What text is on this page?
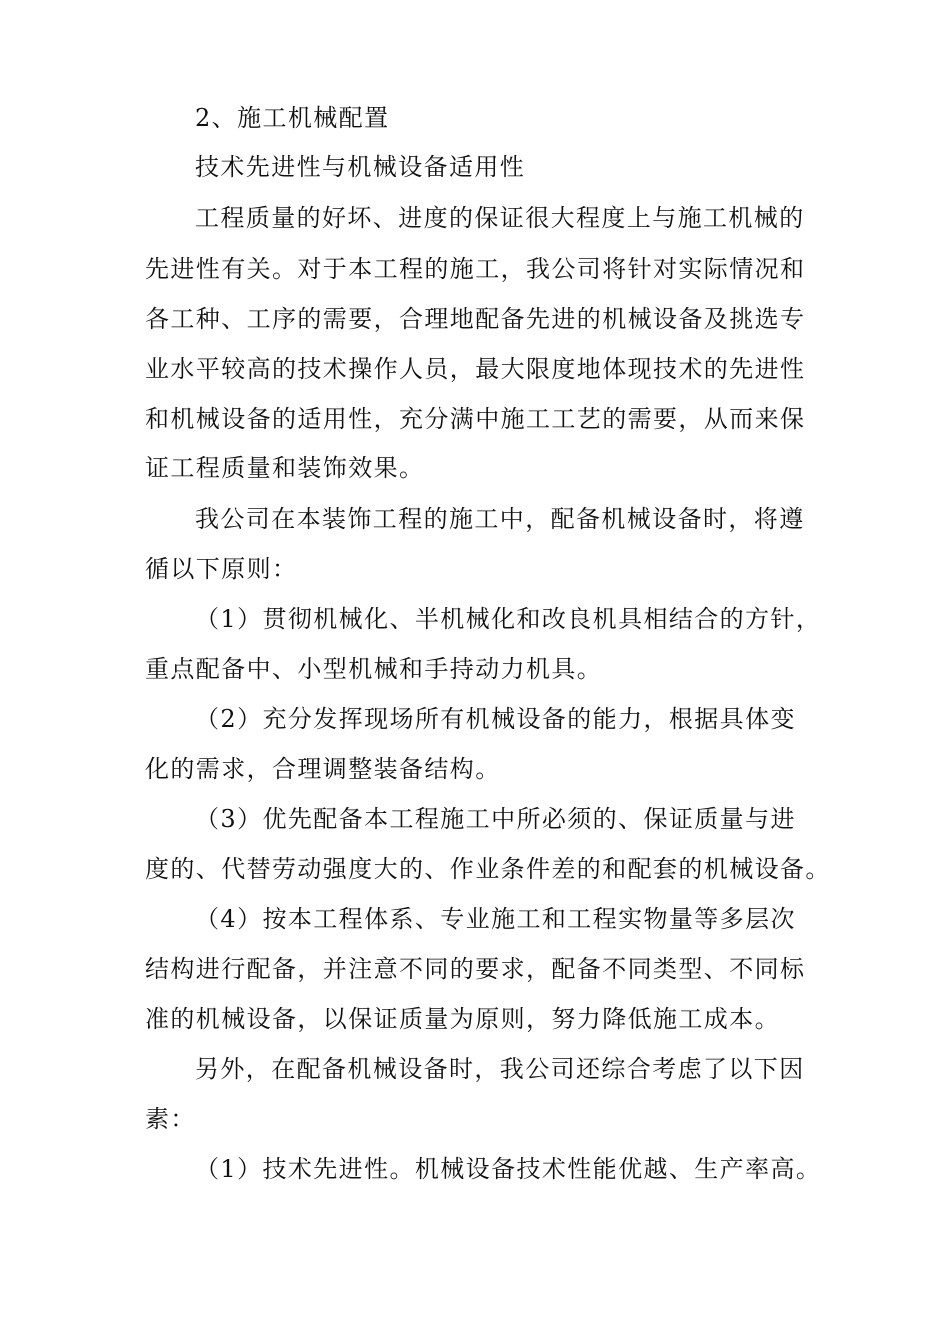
2、施工机械配置
技术先进性与机械设备适用性
工程质量的好坏、进度的保证很大程度上与施工机械的
先进性有关。对于本工程的施工，我公司将针对实际情况和
各工种、工序的需要，合理地配备先进的机械设备及挑选专
业水平较高的技术操作人员，最大限度地体现技术的先进性
和机械设备的适用性，充分满中施工工艺的需要，从而来保
证工程质量和装饰效果。
我公司在本装饰工程的施工中，配备机械设备时，将遵
循以下原则：
（1）贯彻机械化、半机械化和改良机具相结合的方针，
重点配备中、小型机械和手持动力机具。
（2）充分发挥现场所有机械设备的能力，根据具体变
化的需求，合理调整装备结构。
（3）优先配备本工程施工中所必须的、保证质量与进
度的、代替劳动强度大的、作业条件差的和配套的机械设备。
（4）按本工程体系、专业施工和工程实物量等多层次
结构进行配备，并注意不同的要求，配备不同类型、不同标
准的机械设备，以保证质量为原则，努力降低施工成本。
另外，在配备机械设备时，我公司还综合考虑了以下因
素：
（1）技术先进性。机械设备技术性能优越、生产率高。
